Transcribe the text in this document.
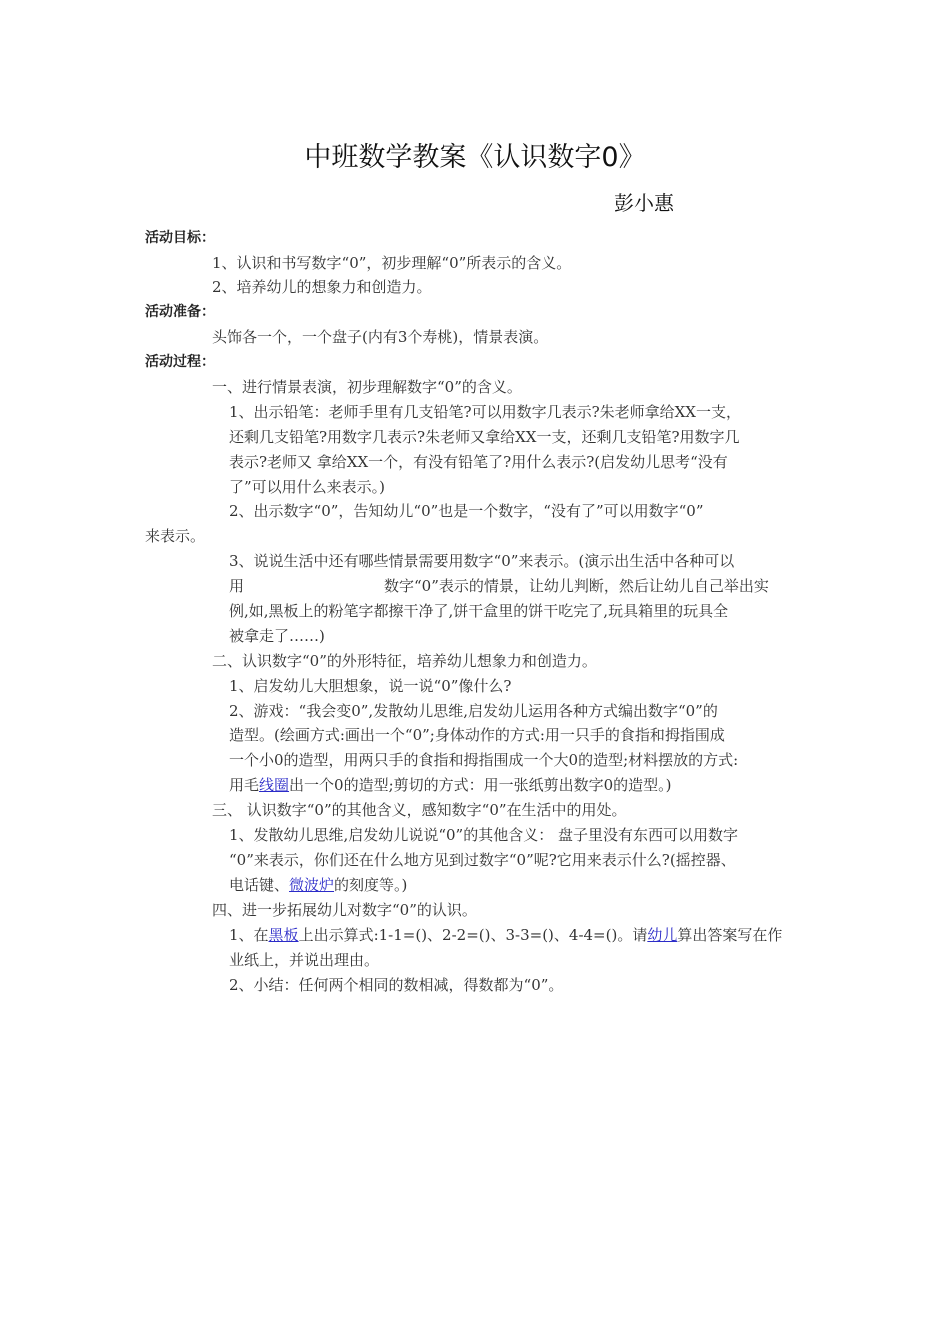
中班数学教案《认识数字0》
彭小惠
活动目标：
1、认识和书写数字“0”，初步理解“0”所表示的含义。
2、培养幼儿的想象力和创造力。
活动准备：
头饰各一个，一个盘子(内有3个寿桃)，情景表演。
活动过程：
一、进行情景表演，初步理解数字“0”的含义。
1、出示铅笔：老师手里有几支铅笔?可以用数字几表示?朱老师拿给XX一支，
还剩几支铅笔?用数字几表示?朱老师又拿给XX一支，还剩几支铅笔?用数字几
表示?老师又 拿给XX一个，有没有铅笔了?用什么表示?(启发幼儿思考“没有
了”可以用什么来表示。)
2、出示数字“0”，告知幼儿“0”也是一个数字，“没有了”可以用数字“0”
来表示。
3、说说生活中还有哪些情景需要用数字“0”来表示。(演示出生活中各种可以
用	数字“0”表示的情景，让幼儿判断，然后让幼儿自己举出实
例,如,黑板上的粉笔字都擦干净了,饼干盒里的饼干吃完了,玩具箱里的玩具全
被拿走了……)
二、认识数字“0”的外形特征，培养幼儿想象力和创造力。
1、启发幼儿大胆想象，说一说“0”像什么?
2、游戏：“我会变0”,发散幼儿思维,启发幼儿运用各种方式编出数字“0”的
造型。(绘画方式:画出一个“0”;身体动作的方式:用一只手的食指和拇指围成
一个小0的造型，用两只手的食指和拇指围成一个大0的造型;材料摆放的方式:
用毛线圈出一个0的造型;剪切的方式：用一张纸剪出数字0的造型。)
三、 认识数字“0”的其他含义，感知数字“0”在生活中的用处。
1、发散幼儿思维,启发幼儿说说“0”的其他含义： 盘子里没有东西可以用数字
“0”来表示，你们还在什么地方见到过数字“0”呢?它用来表示什么?(摇控器、
电话键、微波炉的刻度等。)
四、进一步拓展幼儿对数字“0”的认识。
1、在黑板上出示算式:1-1=()、2-2=()、3-3=()、4-4=()。请幼儿算出答案写在作
业纸上，并说出理由。
2、小结：任何两个相同的数相减，得数都为“0”。
